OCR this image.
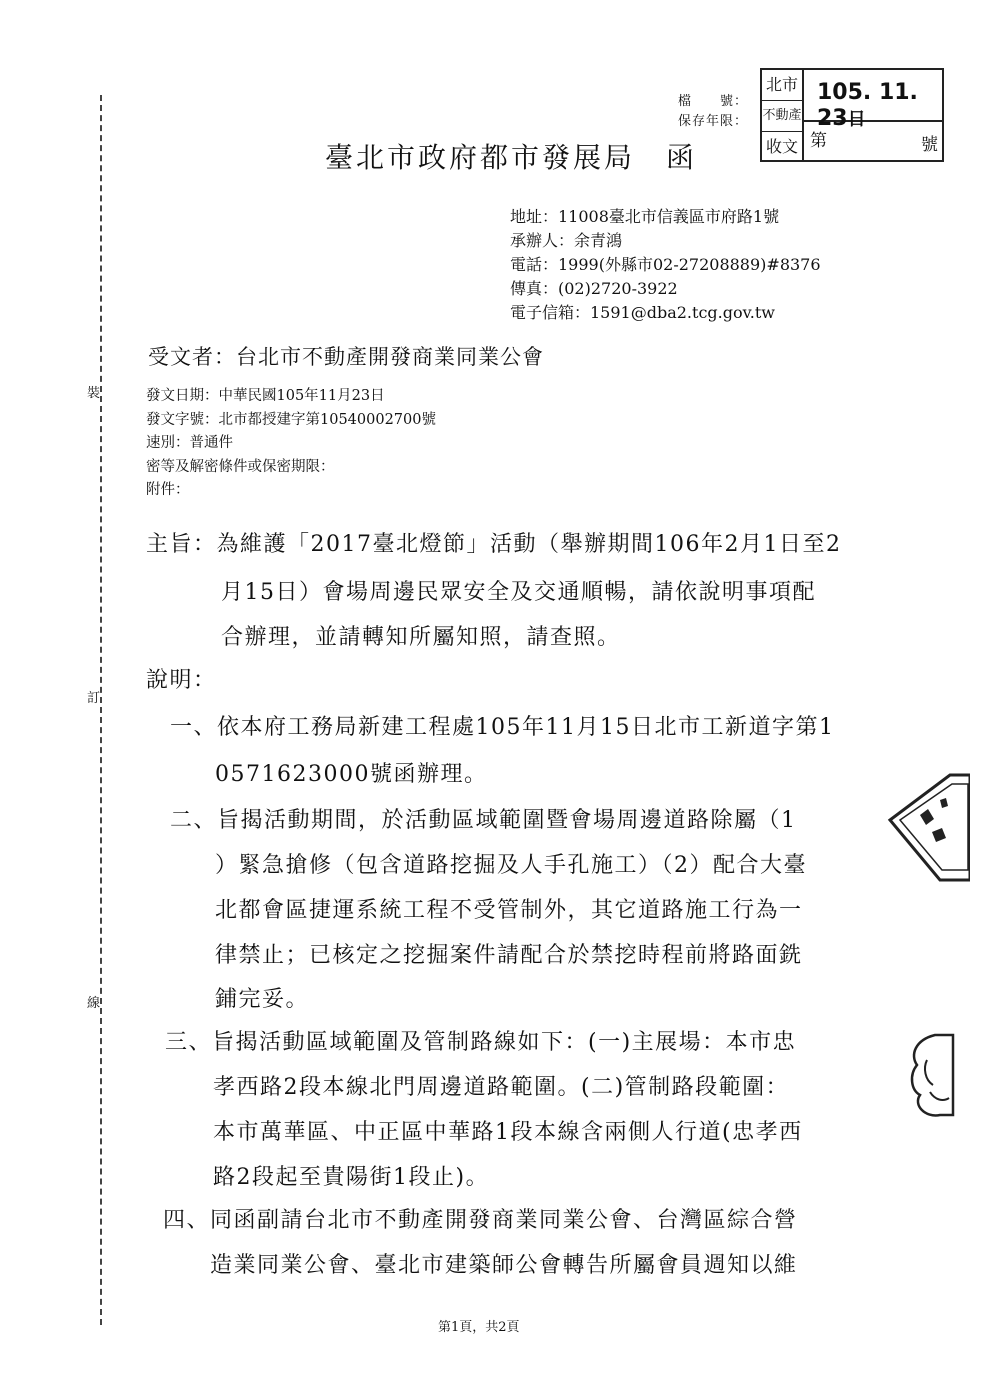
裝
訂
線
檔　　號：
保存年限：
北市
不動產
收文
105. 11. 23日
第	號
臺北市政府都市發展局　函
地址：11008臺北市信義區市府路1號
承辦人：余青鴻
電話：1999(外縣市02-27208889)#8376
傳真：(02)2720-3922
電子信箱：1591@dba2.tcg.gov.tw
受文者：台北市不動產開發商業同業公會
發文日期：中華民國105年11月23日
發文字號：北市都授建字第10540002700號
速別：普通件
密等及解密條件或保密期限：
附件：
主旨：為維護「2017臺北燈節」活動（舉辦期間106年2月1日至2
月15日）會場周邊民眾安全及交通順暢，請依說明事項配
合辦理，並請轉知所屬知照，請查照。
說明：
一、依本府工務局新建工程處105年11月15日北市工新道字第1
0571623000號函辦理。
二、旨揭活動期間，於活動區域範圍暨會場周邊道路除屬（1
）緊急搶修（包含道路挖掘及人手孔施工）（2）配合大臺
北都會區捷運系統工程不受管制外，其它道路施工行為一
律禁止；已核定之挖掘案件請配合於禁挖時程前將路面銑
鋪完妥。
三、旨揭活動區域範圍及管制路線如下：(一)主展場：本市忠
孝西路2段本線北門周邊道路範圍。(二)管制路段範圍：
本市萬華區、中正區中華路1段本線含兩側人行道(忠孝西
路2段起至貴陽街1段止)。
四、同函副請台北市不動產開發商業同業公會、台灣區綜合營
造業同業公會、臺北市建築師公會轉告所屬會員週知以維
第1頁，共2頁
